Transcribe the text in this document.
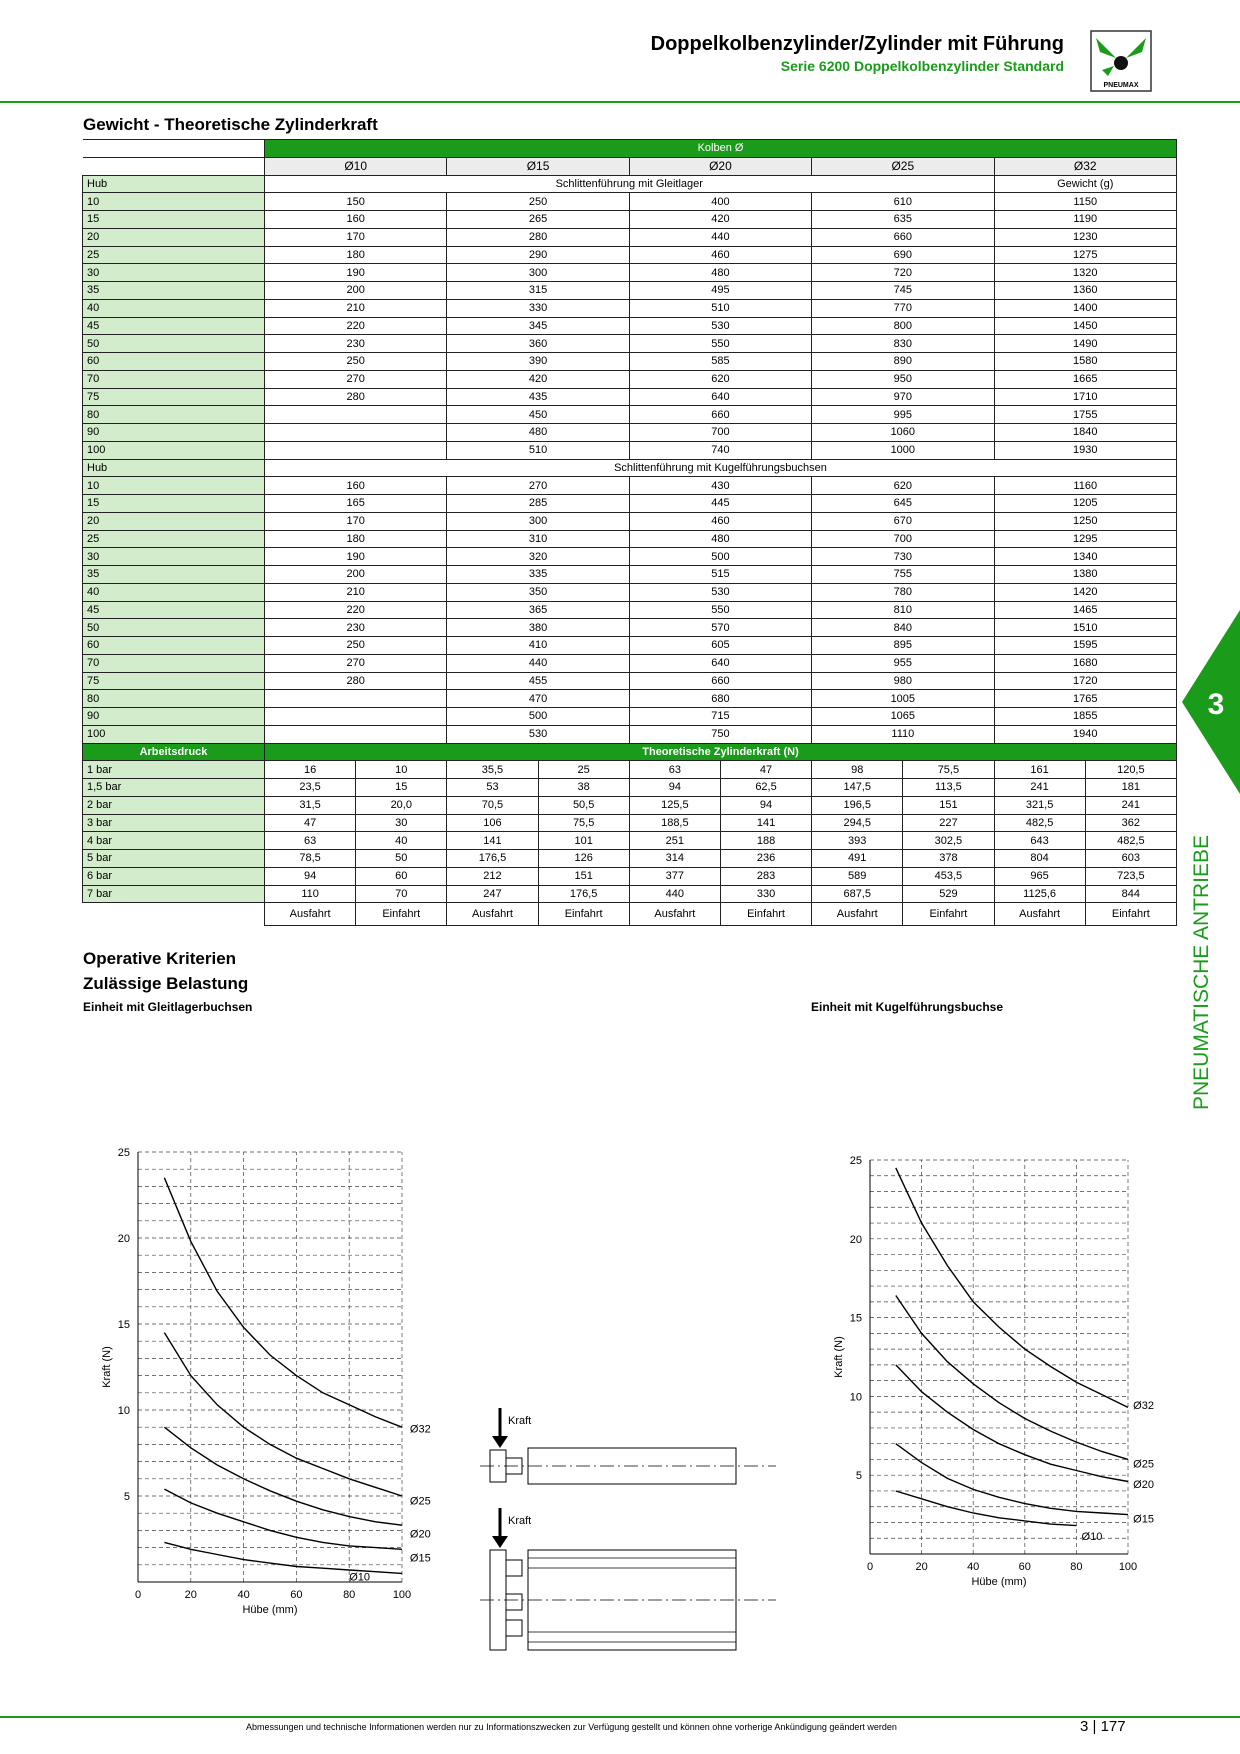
Doppelkolbenzylinder/Zylinder mit Führung
Serie 6200 Doppelkolbenzylinder Standard
PNEUMAX
Gewicht - Theoretische Zylinderkraft
	Kolben Ø									
	Ø10		Ø15		Ø20		Ø25		Ø32	
Hub	Schlittenführung mit Gleitlager								Gewicht (g)	
10	150		250		400		610		1150	
15	160		265		420		635		1190	
20	170		280		440		660		1230	
25	180		290		460		690		1275	
30	190		300		480		720		1320	
35	200		315		495		745		1360	
40	210		330		510		770		1400	
45	220		345		530		800		1450	
50	230		360		550		830		1490	
60	250		390		585		890		1580	
70	270		420		620		950		1665	
75	280		435		640		970		1710	
80			450		660		995		1755	
90			480		700		1060		1840	
100			510		740		1000		1930	
Hub	Schlittenführung mit Kugelführungsbuchsen									
10	160		270		430		620		1160	
15	165		285		445		645		1205	
20	170		300		460		670		1250	
25	180		310		480		700		1295	
30	190		320		500		730		1340	
35	200		335		515		755		1380	
40	210		350		530		780		1420	
45	220		365		550		810		1465	
50	230		380		570		840		1510	
60	250		410		605		895		1595	
70	270		440		640		955		1680	
75	280		455		660		980		1720	
80			470		680		1005		1765	
90			500		715		1065		1855	
100			530		750		1110		1940	
Arbeitsdruck	Theoretische Zylinderkraft (N)									
1 bar	16	10	35,5	25	63	47	98	75,5	161	120,5
1,5 bar	23,5	15	53	38	94	62,5	147,5	113,5	241	181
2 bar	31,5	20,0	70,5	50,5	125,5	94	196,5	151	321,5	241
3 bar	47	30	106	75,5	188,5	141	294,5	227	482,5	362
4 bar	63	40	141	101	251	188	393	302,5	643	482,5
5 bar	78,5	50	176,5	126	314	236	491	378	804	603
6 bar	94	60	212	151	377	283	589	453,5	965	723,5
7 bar	110	70	247	176,5	440	330	687,5	529	1125,6	844
	Ausfahrt	Einfahrt	Ausfahrt	Einfahrt	Ausfahrt	Einfahrt	Ausfahrt	Einfahrt	Ausfahrt	Einfahrt
Operative Kriterien
Zulässige Belastung
Einheit mit Gleitlagerbuchsen	Einheit mit Kugelführungsbuchse
0	20	40	60	80	100
5
10
15
20
25
Hübe (mm)
Kraft (N)
Ø32
Ø25
Ø20
Ø15
Ø10
0	20	40	60	80	100
5
10
15
20
25
Hübe (mm)
Kraft (N)
Ø32
Ø25
Ø20
Ø15
Ø10
Kraft
Kraft
3
PNEUMATISCHE ANTRIEBE
Abmessungen und technische Informationen werden nur zu Informationszwecken zur Verfügung gestellt und können ohne vorherige Ankündigung geändert werden	3 | 177
